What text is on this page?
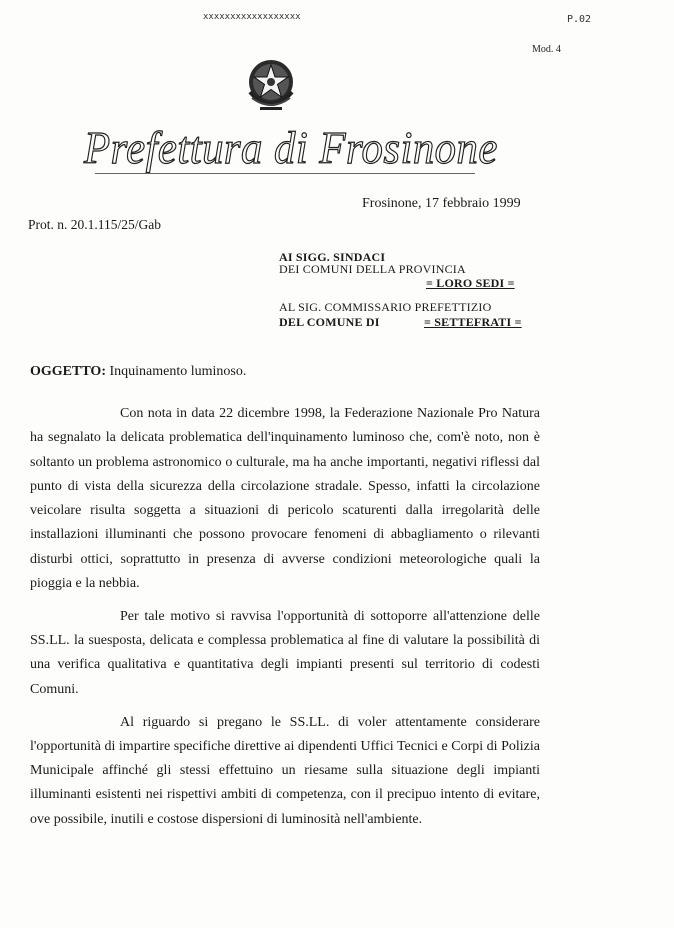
xxxxxxxxxxxxxxxxxx	P.02
Mod. 4
Prefettura di Frosinone
Frosinone, 17 febbraio 1999
Prot. n. 20.1.115/25/Gab
AI SIGG. SINDACI
DEI COMUNI DELLA PROVINCIA
= LORO SEDI =
AL SIG. COMMISSARIO PREFETTIZIO
DEL COMUNE DI	= SETTEFRATI =
OGGETTO: Inquinamento luminoso.

Con nota in data 22 dicembre 1998, la Federazione Nazionale Pro Natura ha segnalato la delicata problematica dell'inquinamento luminoso che, com'è noto, non è soltanto un problema astronomico o culturale, ma ha anche importanti, negativi riflessi dal punto di vista della sicurezza della circolazione stradale. Spesso, infatti la circolazione veicolare risulta soggetta a situazioni di pericolo scaturenti dalla irregolarità delle installazioni illuminanti che possono provocare fenomeni di abbagliamento o rilevanti disturbi ottici, soprattutto in presenza di avverse condizioni meteorologiche quali la pioggia e la nebbia.

Per tale motivo si ravvisa l'opportunità di sottoporre all'attenzione delle SS.LL. la suesposta, delicata e complessa problematica al fine di valutare la possibilità di una verifica qualitativa e quantitativa degli impianti presenti sul territorio di codesti Comuni.

Al riguardo si pregano le SS.LL. di voler attentamente considerare l'opportunità di impartire specifiche direttive ai dipendenti Uffici Tecnici e Corpi di Polizia Municipale affinché gli stessi effettuino un riesame sulla situazione degli impianti illuminanti esistenti nei rispettivi ambiti di competenza, con il precipuo intento di evitare, ove possibile, inutili e costose dispersioni di luminosità nell'ambiente.
